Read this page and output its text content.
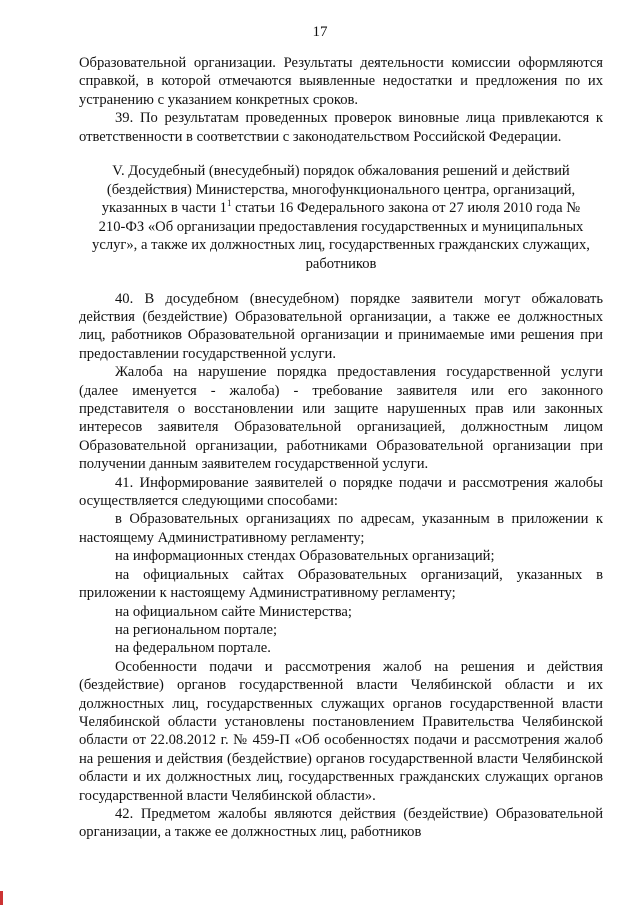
17

Образовательной организации. Результаты деятельности комиссии оформляются справкой, в которой отмечаются выявленные недостатки и предложения по их устранению с указанием конкретных сроков.

39. По результатам проведенных проверок виновные лица привлекаются к ответственности в соответствии с законодательством Российской Федерации.

V. Досудебный (внесудебный) порядок обжалования решений и действий (бездействия) Министерства, многофункционального центра, организаций, указанных в части $1^1$ статьи 16 Федерального закона от 27 июля 2010 года № 210-ФЗ «Об организации предоставления государственных и муниципальных услуг», а также их должностных лиц, государственных гражданских служащих, работников

40. В досудебном (внесудебном) порядке заявители могут обжаловать действия (бездействие) Образовательной организации, а также ее должностных лиц, работников Образовательной организации и принимаемые ими решения при предоставлении государственной услуги.

Жалоба на нарушение порядка предоставления государственной услуги (далее именуется - жалоба) - требование заявителя или его законного представителя о восстановлении или защите нарушенных прав или законных интересов заявителя Образовательной организацией, должностным лицом Образовательной организации, работниками Образовательной организации при получении данным заявителем государственной услуги.

41. Информирование заявителей о порядке подачи и рассмотрения жалобы осуществляется следующими способами:

в Образовательных организациях по адресам, указанным в приложении к настоящему Административному регламенту;

на информационных стендах Образовательных организаций;

на официальных сайтах Образовательных организаций, указанных в приложении к настоящему Административному регламенту;

на официальном сайте Министерства;

на региональном портале;

на федеральном портале.

Особенности подачи и рассмотрения жалоб на решения и действия (бездействие) органов государственной власти Челябинской области и их должностных лиц, государственных служащих органов государственной власти Челябинской области установлены постановлением Правительства Челябинской области от 22.08.2012 г. № 459-П «Об особенностях подачи и рассмотрения жалоб на решения и действия (бездействие) органов государственной власти Челябинской области и их должностных лиц, государственных гражданских служащих органов государственной власти Челябинской области».

42. Предметом жалобы являются действия (бездействие) Образовательной организации, а также ее должностных лиц, работников
